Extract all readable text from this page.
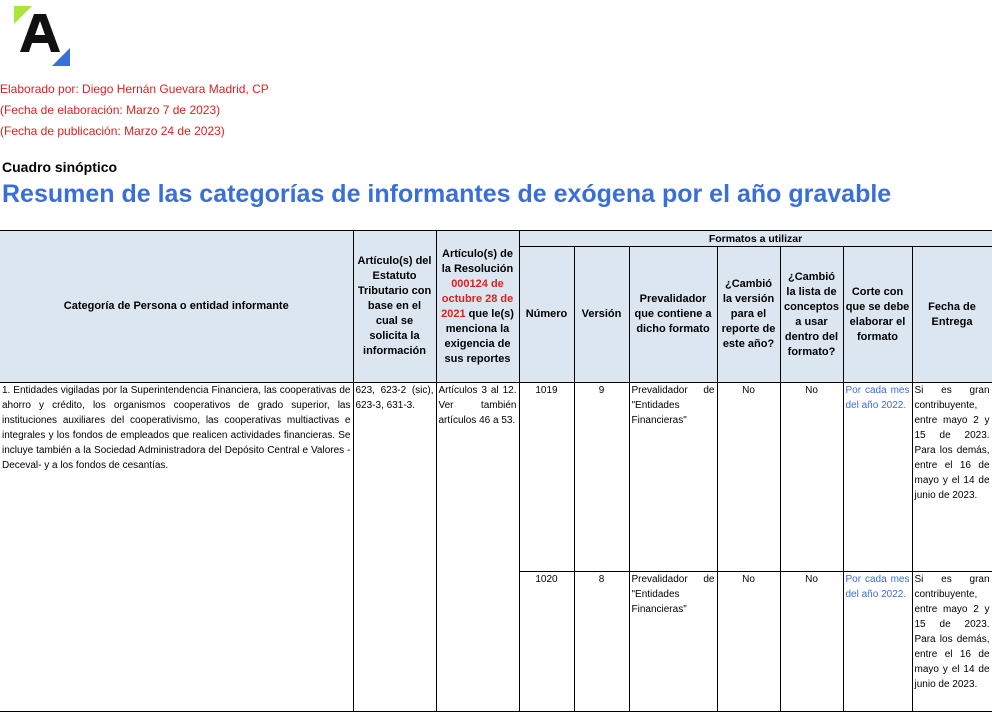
Elaborado por: Diego Hernán Guevara Madrid, CP
(Fecha de elaboración: Marzo 7 de 2023)
(Fecha de publicación: Marzo 24 de 2023)
Cuadro sinóptico
Resumen de las categorías de informantes de exógena por el año gravable
Categoría de Persona o entidad informante	Artículo(s) del Estatuto Tributario con base en el cual se solicita la información	Artículo(s) de la Resolución 000124 de octubre 28 de 2021 que le(s) menciona la exigencia de sus reportes	Formatos a utilizar						
			Número	Versión	Prevalidador que contiene a dicho formato	¿Cambió la versión para el reporte de este año?	¿Cambió la lista de conceptos a usar dentro del formato?	Corte con que se debe elaborar el formato	Fecha de Entrega
1. Entidades vigiladas por la Superintendencia Financiera, las cooperativas de ahorro y crédito, los organismos cooperativos de grado superior, las instituciones auxiliares del cooperativismo, las cooperativas multiactivas e integrales y los fondos de empleados que realicen actividades financieras. Se incluye también a la Sociedad Administradora del Depósito Central e Valores -Deceval- y a los fondos de cesantías.	623, 623-2 (sic), 623-3, 631-3.	Artículos 3 al 12. Ver también artículos 46 a 53.	1019	9	Prevalidador de "Entidades Financieras"	No	No	Por cada mes del año 2022.	Si es gran contribuyente, entre mayo 2 y 15 de 2023. Para los demás, entre el 16 de mayo y el 14 de junio de 2023.
			1020	8	Prevalidador de "Entidades Financieras"	No	No	Por cada mes del año 2022.	Si es gran contribuyente, entre mayo 2 y 15 de 2023. Para los demás, entre el 16 de mayo y el 14 de junio de 2023.
